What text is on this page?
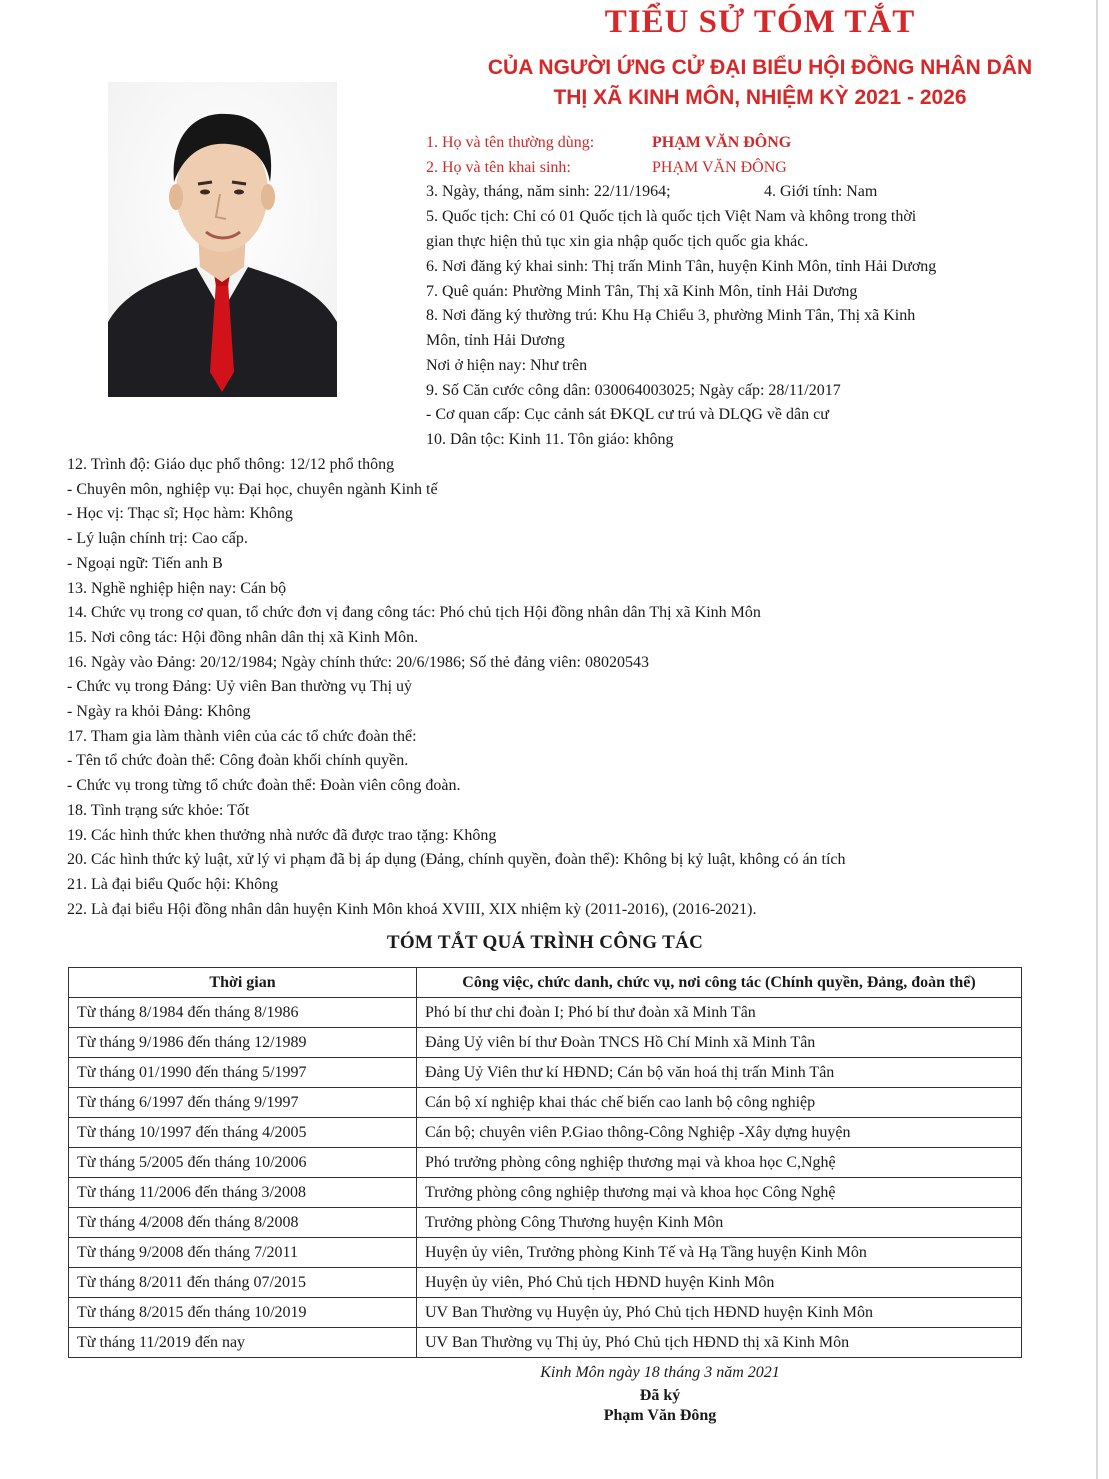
TIỂU SỬ TÓM TẮT
CỦA NGƯỜI ỨNG CỬ ĐẠI BIỂU HỘI ĐỒNG NHÂN DÂN
THỊ XÃ KINH MÔN, NHIỆM KỲ 2021 - 2026
1. Họ và tên thường dùng:	PHẠM VĂN ĐÔNG
2. Họ và tên khai sinh:	PHẠM VĂN ĐÔNG
3. Ngày, tháng, năm sinh: 22/11/1964;	4. Giới tính: Nam
5. Quốc tịch: Chỉ có 01 Quốc tịch là quốc tịch Việt Nam và không trong thời
gian thực hiện thủ tục xin gia nhập quốc tịch quốc gia khác.
6. Nơi đăng ký khai sinh: Thị trấn Minh Tân, huyện Kinh Môn, tỉnh Hải Dương
7. Quê quán: Phường Minh Tân, Thị xã Kinh Môn, tỉnh Hải Dương
8. Nơi đăng ký thường trú: Khu Hạ Chiểu 3, phường Minh Tân, Thị xã Kinh
Môn, tỉnh Hải Dương
Nơi ở hiện nay: Như trên
9. Số Căn cước công dân: 030064003025; Ngày cấp: 28/11/2017
- Cơ quan cấp: Cục cảnh sát ĐKQL cư trú và DLQG về dân cư
10. Dân tộc: Kinh 11. Tôn giáo: không
12. Trình độ: Giáo dục phổ thông: 12/12 phổ thông
- Chuyên môn, nghiệp vụ: Đại học, chuyên ngành Kinh tế
- Học vị: Thạc sĩ; Học hàm: Không
- Lý luận chính trị: Cao cấp.
- Ngoại ngữ: Tiến anh B
13. Nghề nghiệp hiện nay: Cán bộ
14. Chức vụ trong cơ quan, tổ chức đơn vị đang công tác: Phó chủ tịch Hội đồng nhân dân Thị xã Kinh Môn
15. Nơi công tác: Hội đồng nhân dân thị xã Kinh Môn.
16. Ngày vào Đảng: 20/12/1984; Ngày chính thức: 20/6/1986; Số thẻ đảng viên: 08020543
- Chức vụ trong Đảng: Uỷ viên Ban thường vụ Thị uỷ
- Ngày ra khỏi Đảng: Không
17. Tham gia làm thành viên của các tổ chức đoàn thể:
- Tên tổ chức đoàn thể: Công đoàn khối chính quyền.
- Chức vụ trong từng tổ chức đoàn thể: Đoàn viên công đoàn.
18. Tình trạng sức khỏe: Tốt
19. Các hình thức khen thưởng nhà nước đã được trao tặng: Không
20. Các hình thức kỷ luật, xử lý vi phạm đã bị áp dụng (Đảng, chính quyền, đoàn thể): Không bị kỷ luật, không có án tích
21. Là đại biểu Quốc hội: Không
22. Là đại biểu Hội đồng nhân dân huyện Kinh Môn khoá XVIII, XIX nhiệm kỳ (2011-2016), (2016-2021).
TÓM TẮT QUÁ TRÌNH CÔNG TÁC
Thời gian	Công việc, chức danh, chức vụ, nơi công tác (Chính quyền, Đảng, đoàn thể)
Từ tháng 8/1984 đến tháng 8/1986	Phó bí thư chi đoàn I; Phó bí thư đoàn xã Minh Tân
Từ tháng 9/1986 đến tháng 12/1989	Đảng Uỷ viên bí thư Đoàn TNCS Hồ Chí Minh xã Minh Tân
Từ tháng 01/1990 đến tháng 5/1997	Đảng Uỷ Viên thư kí HĐND; Cán bộ văn hoá thị trấn Minh Tân
Từ tháng 6/1997 đến tháng 9/1997	Cán bộ xí nghiệp khai thác chế biến cao lanh bộ công nghiệp
Từ tháng 10/1997 đến tháng 4/2005	Cán bộ; chuyên viên P.Giao thông-Công Nghiệp -Xây dựng huyện
Từ tháng 5/2005 đến tháng 10/2006	Phó trưởng phòng công nghiệp thương mại và khoa học C,Nghệ
Từ tháng 11/2006 đến tháng 3/2008	Trưởng phòng công nghiệp thương mại và khoa học Công Nghệ
Từ tháng 4/2008 đến tháng 8/2008	Trưởng phòng Công Thương huyện Kinh Môn
Từ tháng 9/2008 đến tháng 7/2011	Huyện ủy viên, Trưởng phòng Kinh Tế và Hạ Tầng huyện Kinh Môn
Từ tháng 8/2011 đến tháng 07/2015	Huyện ủy viên, Phó Chủ tịch HĐND huyện Kinh Môn
Từ tháng 8/2015 đến tháng 10/2019	UV Ban Thường vụ Huyện ủy, Phó Chủ tịch HĐND huyện Kinh Môn
Từ tháng 11/2019 đến nay	UV Ban Thường vụ Thị ủy, Phó Chủ tịch HĐND thị xã Kinh Môn
Kinh Môn ngày 18 tháng 3 năm 2021
Đã ký
Phạm Văn Đông
